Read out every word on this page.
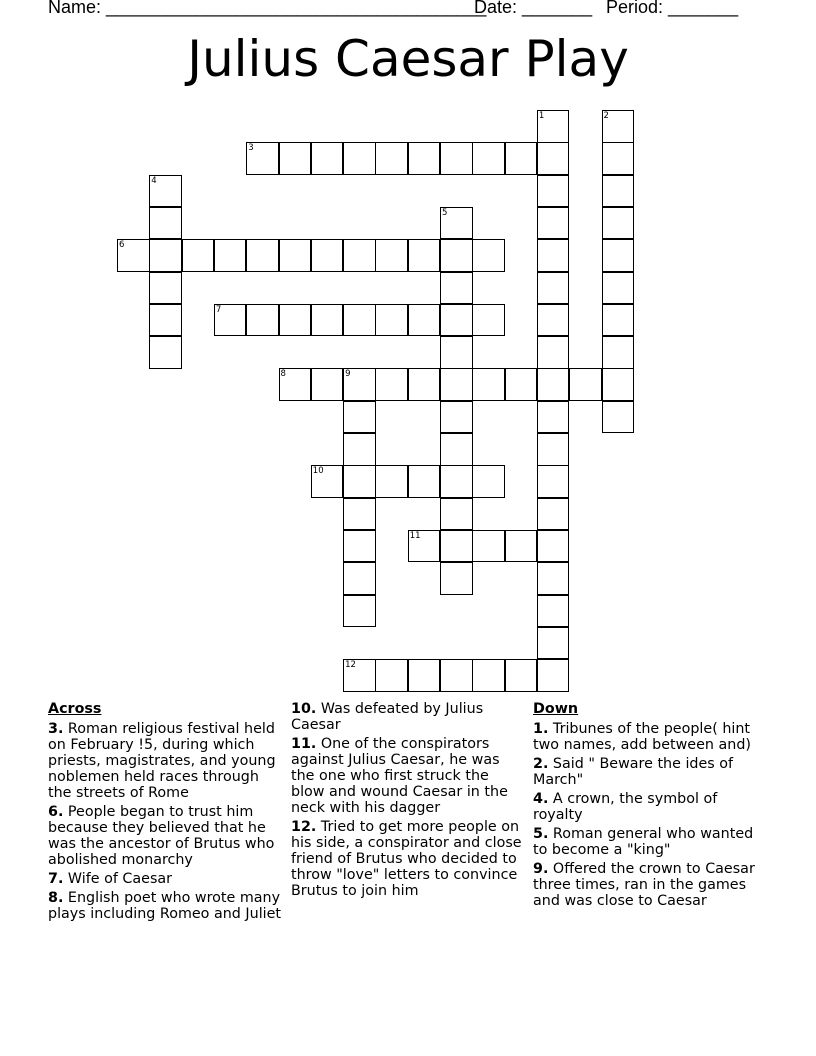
Name: ______________________________________
Date: _______ Period: _______
Julius Caesar Play
1	2
3
4
5
6
7
8	9
10
11
12
Across
3. Roman religious festival held on February !5, during which priests, magistrates, and young noblemen held races through the streets of Rome
6. People began to trust him because they believed that he was the ancestor of Brutus who abolished monarchy
7. Wife of Caesar
8. English poet who wrote many plays including Romeo and Juliet
10. Was defeated by Julius Caesar
11. One of the conspirators against Julius Caesar, he was the one who first struck the blow and wound Caesar in the neck with his dagger
12. Tried to get more people on his side, a conspirator and close friend of Brutus who decided to throw "love" letters to convince Brutus to join him
Down
1. Tribunes of the people( hint two names, add between and)
2. Said " Beware the ides of March"
4. A crown, the symbol of royalty
5. Roman general who wanted to become a "king"
9. Offered the crown to Caesar three times, ran in the games and was close to Caesar
